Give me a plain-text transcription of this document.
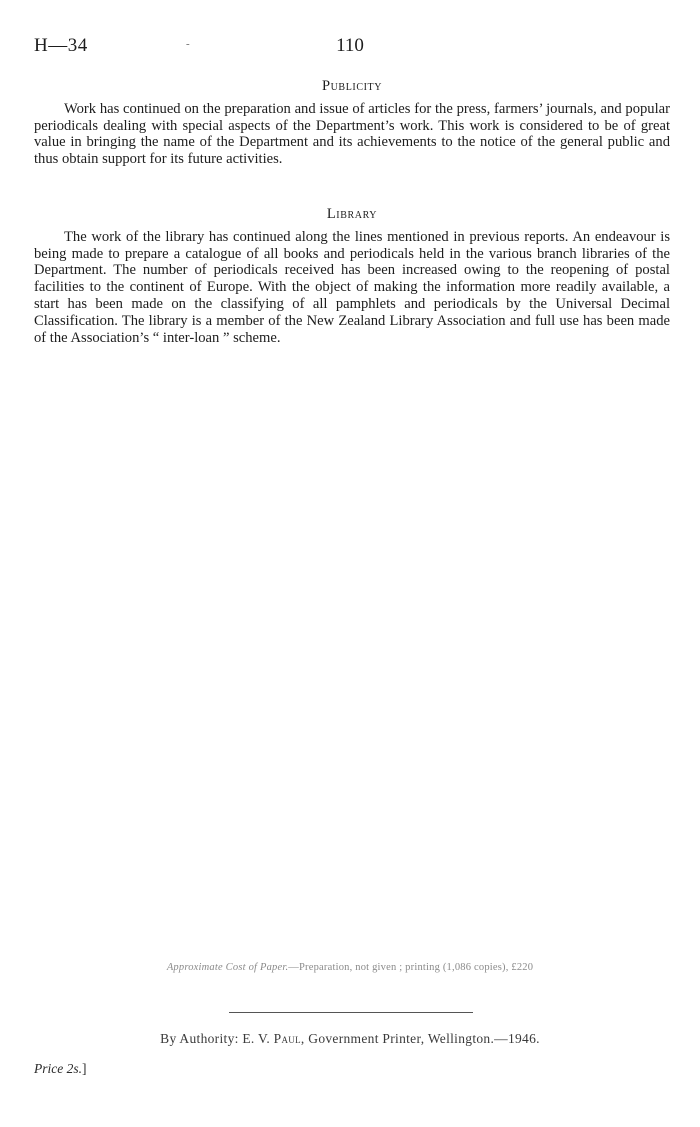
H—34	-	110
Publicity

Work has continued on the preparation and issue of articles for the press, farmers’ journals, and popular periodicals dealing with special aspects of the Department’s work. This work is considered to be of great value in bringing the name of the Department and its achievements to the notice of the general public and thus obtain support for its future activities.

Library

The work of the library has continued along the lines mentioned in previous reports. An endeavour is being made to prepare a catalogue of all books and periodicals held in the various branch libraries of the Department. The number of periodicals received has been increased owing to the reopening of postal facilities to the continent of Europe. With the object of making the information more readily available, a start has been made on the classifying of all pamphlets and periodicals by the Universal Decimal Classification. The library is a member of the New Zealand Library Association and full use has been made of the Association’s “ inter-loan ” scheme.

Approximate Cost of Paper.—Preparation, not given ; printing (1,086 copies), £220
By Authority: E. V. Paul, Government Printer, Wellington.—1946.
Price 2s.]
